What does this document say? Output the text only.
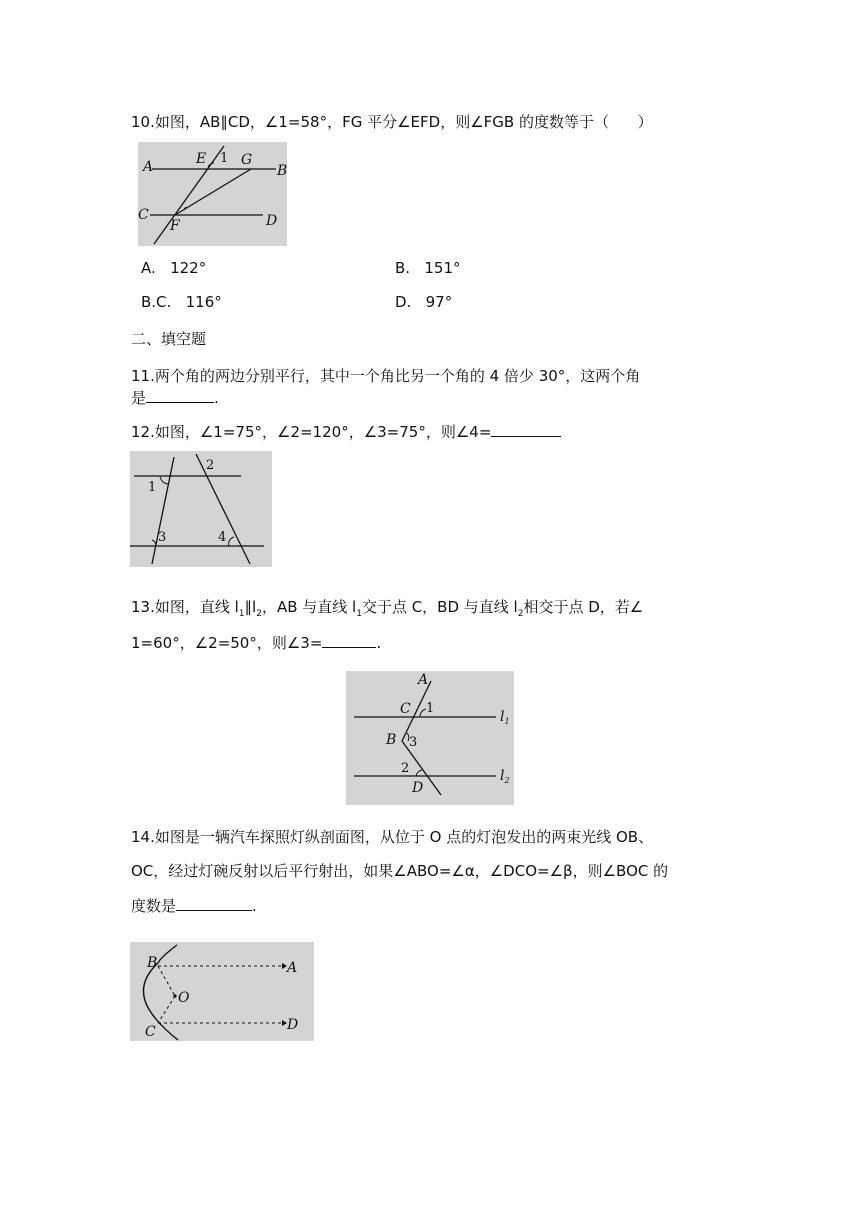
10.如图，AB∥CD，∠1=58°，FG 平分∠EFD，则∠FGB 的度数等于（      ）
A	B
C	D
E
F
G
1
A. 122°	B. 151°
B.C. 116°	D. 97°
二、填空题
11.两个角的两边分别平行，其中一个角比另一个角的 4 倍少 30°，这两个角
是	.
12.如图，∠1=75°，∠2=120°，∠3=75°，则∠4=
1
2
3	4
13.如图，直线 $l_1\parallel l_2$，AB 与直线 $l_1$交于点 C，BD 与直线 $l_2$相交于点 D，若∠
1=60°，∠2=50°，则∠3=	.
A
C
B
D
1
2
3
$l_1$
$l_2$
14.如图是一辆汽车探照灯纵剖面图，从位于 O 点的灯泡发出的两束光线 OB、
OC，经过灯碗反射以后平行射出，如果∠ABO=∠α，∠DCO=∠β，则∠BOC 的
度数是	.
B
C
O
A
D
